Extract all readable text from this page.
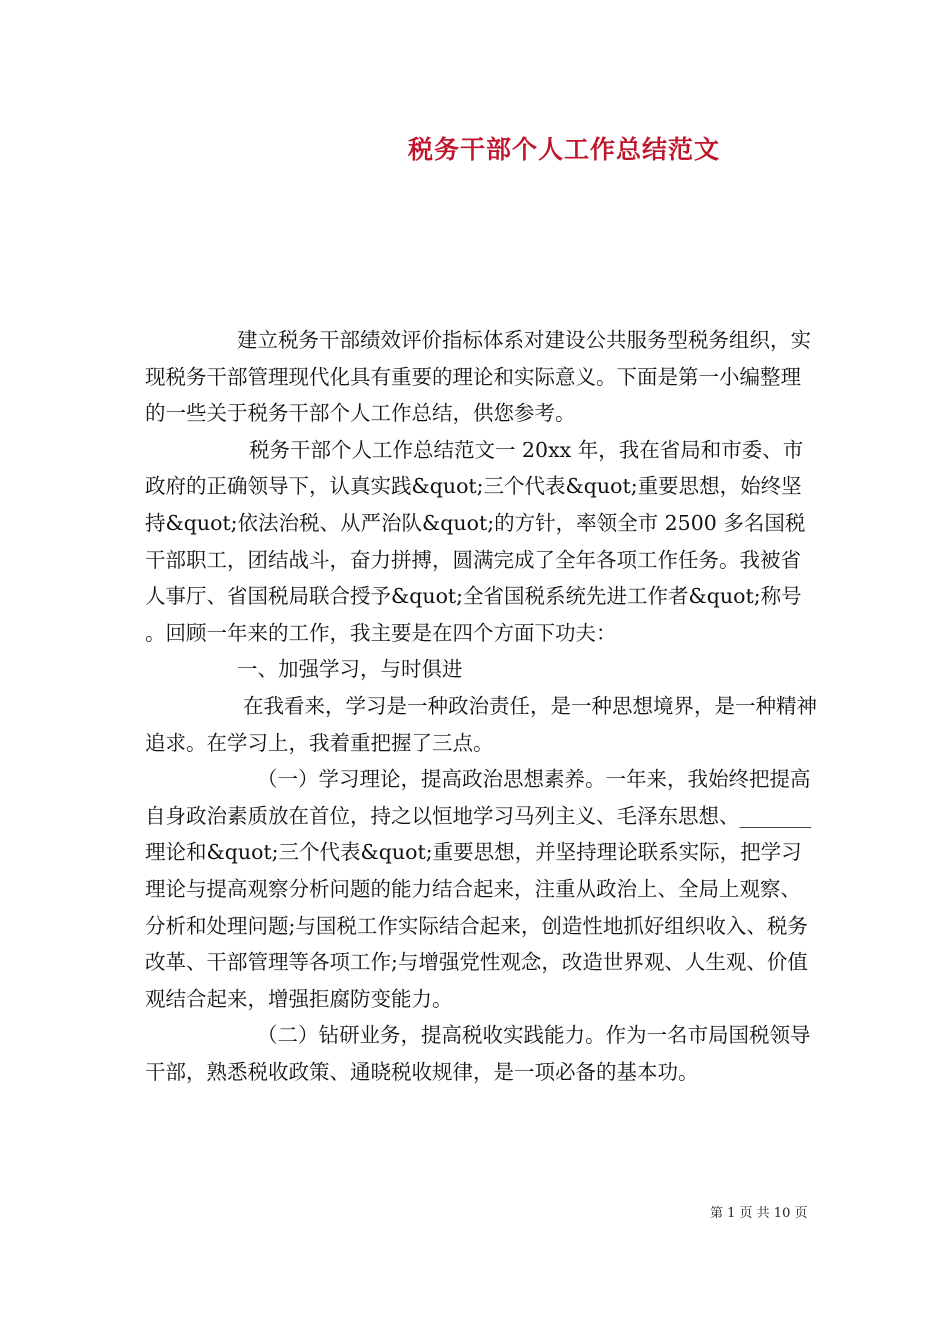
税务干部个人工作总结范文

建立税务干部绩效评价指标体系对建设公共服务型税务组织，实现税务干部管理现代化具有重要的理论和实际意义。下面是第一小编整理的一些关于税务干部个人工作总结，供您参考。

税务干部个人工作总结范文一 20xx 年，我在省局和市委、市政府的正确领导下，认真实践&quot;三个代表&quot;重要思想，始终坚持&quot;依法治税、从严治队&quot;的方针，率领全市 2500 多名国税干部职工，团结战斗，奋力拼搏，圆满完成了全年各项工作任务。我被省人事厅、省国税局联合授予&quot;全省国税系统先进工作者&quot;称号。回顾一年来的工作，我主要是在四个方面下功夫：

一、加强学习，与时俱进

在我看来，学习是一种政治责任，是一种思想境界，是一种精神追求。在学习上，我着重把握了三点。

（一）学习理论，提高政治思想素养。一年来，我始终把提高自身政治素质放在首位，持之以恒地学习马列主义、毛泽东思想、_______理论和&quot;三个代表&quot;重要思想，并坚持理论联系实际，把学习理论与提高观察分析问题的能力结合起来，注重从政治上、全局上观察、分析和处理问题;与国税工作实际结合起来，创造性地抓好组织收入、税务改革、干部管理等各项工作;与增强党性观念，改造世界观、人生观、价值观结合起来，增强拒腐防变能力。

（二）钻研业务，提高税收实践能力。作为一名市局国税领导干部，熟悉税收政策、通晓税收规律，是一项必备的基本功。

第 1 页 共 10 页
